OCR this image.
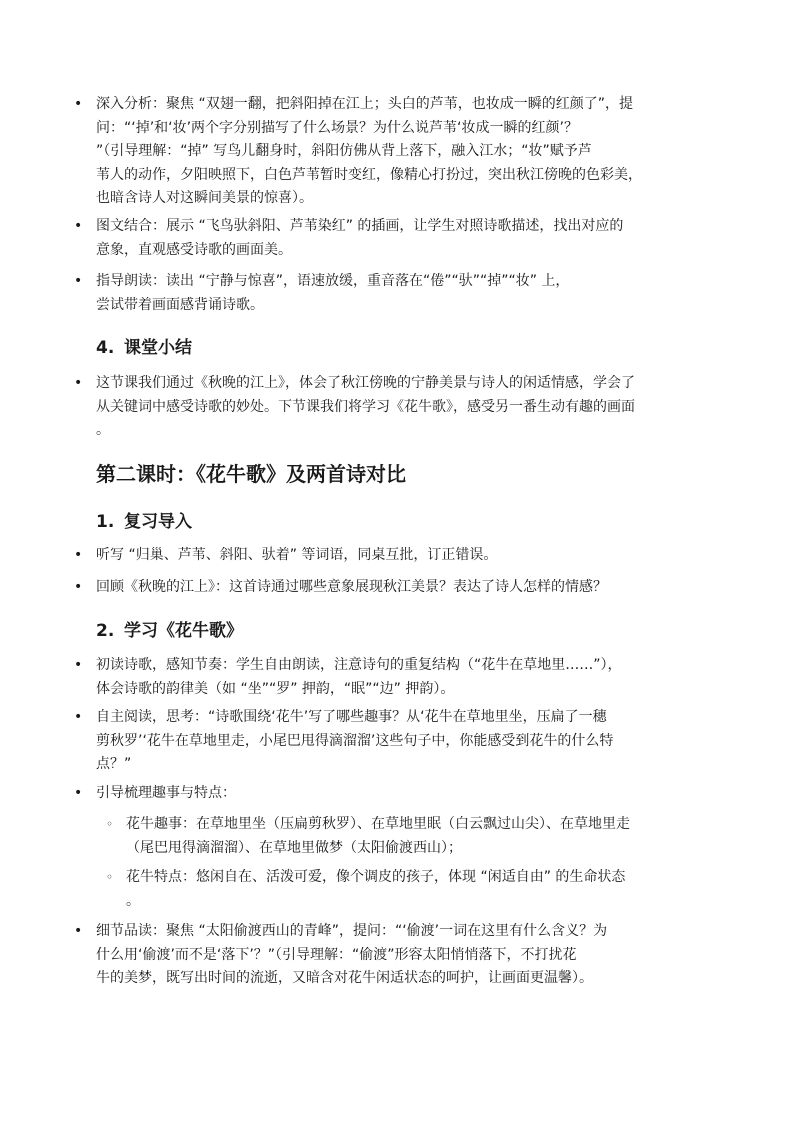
• 深入分析：聚焦 “双翅一翻，把斜阳掉在江上；头白的芦苇，也妆成一瞬的红颜了”，提
问：“‘掉’和‘妆’两个字分别描写了什么场景？为什么说芦苇‘妆成一瞬的红颜’？
”（引导理解：“掉” 写鸟儿翻身时，斜阳仿佛从背上落下，融入江水；“妆”赋予芦
苇人的动作，夕阳映照下，白色芦苇暂时变红，像精心打扮过，突出秋江傍晚的色彩美，
也暗含诗人对这瞬间美景的惊喜）。
• 图文结合：展示 “飞鸟驮斜阳、芦苇染红” 的插画，让学生对照诗歌描述，找出对应的
意象，直观感受诗歌的画面美。
• 指导朗读：读出 “宁静与惊喜”，语速放缓，重音落在“倦”“驮”“掉”“妆” 上，
尝试带着画面感背诵诗歌。
4. 课堂小结
• 这节课我们通过《秋晚的江上》，体会了秋江傍晚的宁静美景与诗人的闲适情感，学会了
从关键词中感受诗歌的妙处。下节课我们将学习《花牛歌》，感受另一番生动有趣的画面
。
第二课时：《花牛歌》及两首诗对比
1. 复习导入
• 听写 “归巢、芦苇、斜阳、驮着” 等词语，同桌互批，订正错误。
• 回顾《秋晚的江上》：这首诗通过哪些意象展现秋江美景？表达了诗人怎样的情感？
2. 学习《花牛歌》
• 初读诗歌，感知节奏：学生自由朗读，注意诗句的重复结构（“花牛在草地里……”），
体会诗歌的韵律美（如 “坐”“罗” 押韵，“眠”“边” 押韵）。
• 自主阅读，思考：“诗歌围绕‘花牛’写了哪些趣事？从‘花牛在草地里坐，压扁了一穗
剪秋罗’‘花牛在草地里走，小尾巴甩得滴溜溜’这些句子中，你能感受到花牛的什么特
点？”
• 引导梳理趣事与特点：
◦ 花牛趣事：在草地里坐（压扁剪秋罗）、在草地里眠（白云飘过山尖）、在草地里走
（尾巴甩得滴溜溜）、在草地里做梦（太阳偷渡西山）；
◦ 花牛特点：悠闲自在、活泼可爱，像个调皮的孩子，体现 “闲适自由” 的生命状态
。
• 细节品读：聚焦 “太阳偷渡西山的青峰”，提问：“‘偷渡’一词在这里有什么含义？为
什么用‘偷渡’而不是‘落下’？”（引导理解：“偷渡”形容太阳悄悄落下，不打扰花
牛的美梦，既写出时间的流逝，又暗含对花牛闲适状态的呵护，让画面更温馨）。
